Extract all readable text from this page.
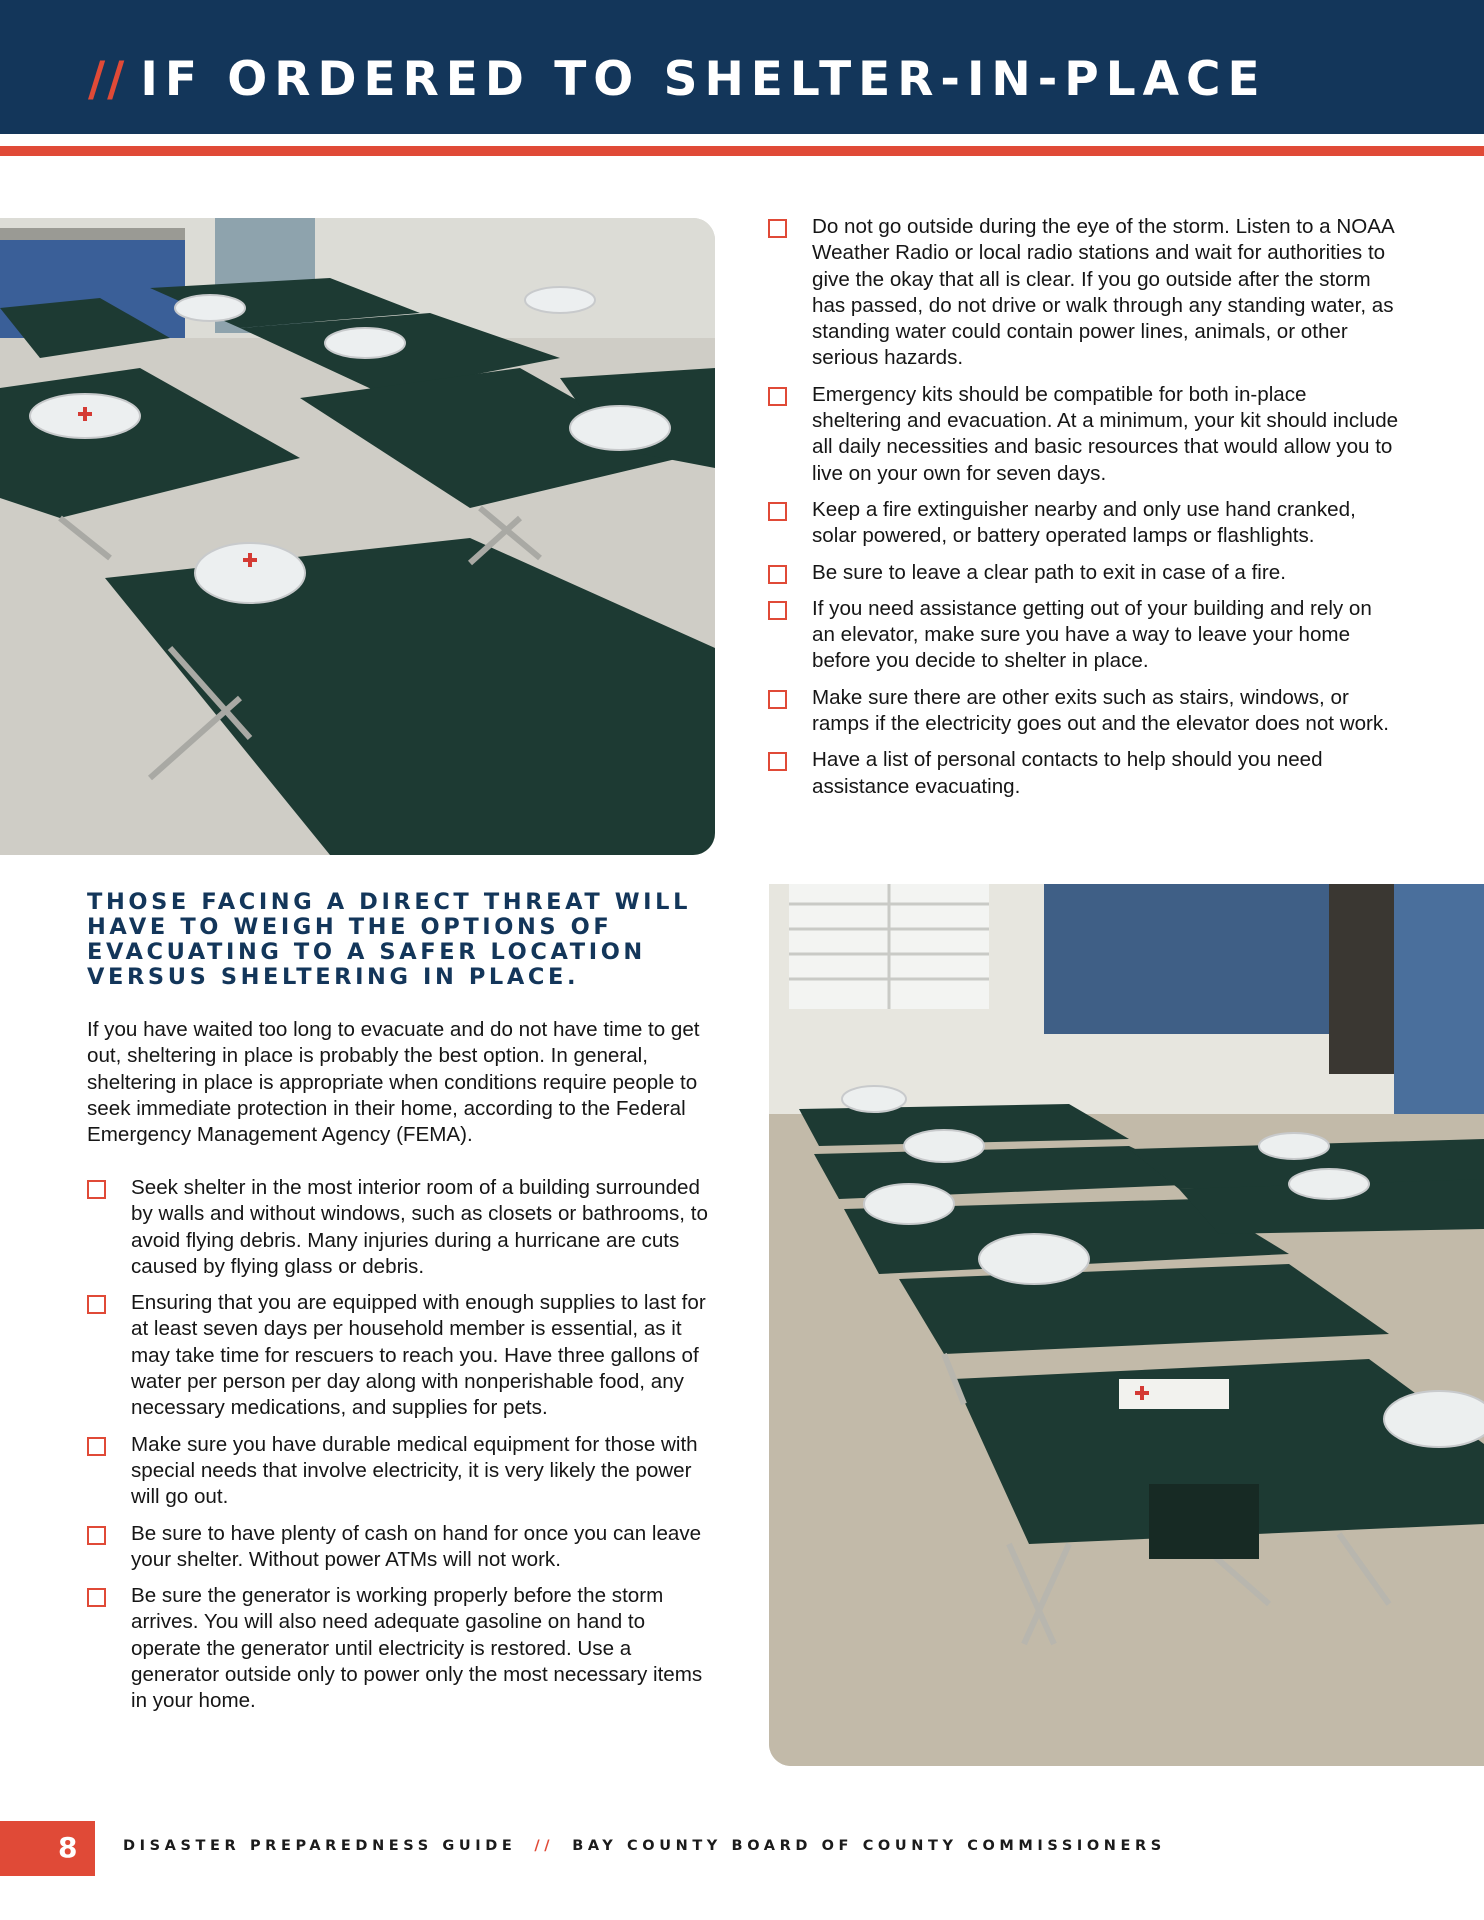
// IF ORDERED TO SHELTER-IN-PLACE
Do not go outside during the eye of the storm. Listen to a NOAA Weather Radio or local radio stations and wait for authorities to give the okay that all is clear. If you go outside after the storm has passed, do not drive or walk through any standing water, as standing water could contain power lines, animals, or other serious hazards.
Emergency kits should be compatible for both in-place sheltering and evacuation. At a minimum, your kit should include all daily necessities and basic resources that would allow you to live on your own for seven days.
Keep a fire extinguisher nearby and only use hand cranked, solar powered, or battery operated lamps or flashlights.
Be sure to leave a clear path to exit in case of a fire.
If you need assistance getting out of your building and rely on an elevator, make sure you have a way to leave your home before you decide to shelter in place.
Make sure there are other exits such as stairs, windows, or ramps if the electricity goes out and the elevator does not work.
Have a list of personal contacts to help should you need assistance evacuating.
THOSE FACING A DIRECT THREAT WILL HAVE TO WEIGH THE OPTIONS OF EVACUATING TO A SAFER LOCATION VERSUS SHELTERING IN PLACE.

If you have waited too long to evacuate and do not have time to get out, sheltering in place is probably the best option. In general, sheltering in place is appropriate when conditions require people to seek immediate protection in their home, according to the Federal Emergency Management Agency (FEMA).

Seek shelter in the most interior room of a building surrounded by walls and without windows, such as closets or bathrooms, to avoid flying debris. Many injuries during a hurricane are cuts caused by flying glass or debris.
Ensuring that you are equipped with enough supplies to last for at least seven days per household member is essential, as it may take time for rescuers to reach you. Have three gallons of water per person per day along with nonperishable food, any necessary medications, and supplies for pets.
Make sure you have durable medical equipment for those with special needs that involve electricity, it is very likely the power will go out.
Be sure to have plenty of cash on hand for once you can leave your shelter. Without power ATMs will not work.
Be sure the generator is working properly before the storm arrives. You will also need adequate gasoline on hand to operate the generator until electricity is restored. Use a generator outside only to power only the most necessary items in your home.
8	DISASTER PREPAREDNESS GUIDE // BAY COUNTY BOARD OF COUNTY COMMISSIONERS
